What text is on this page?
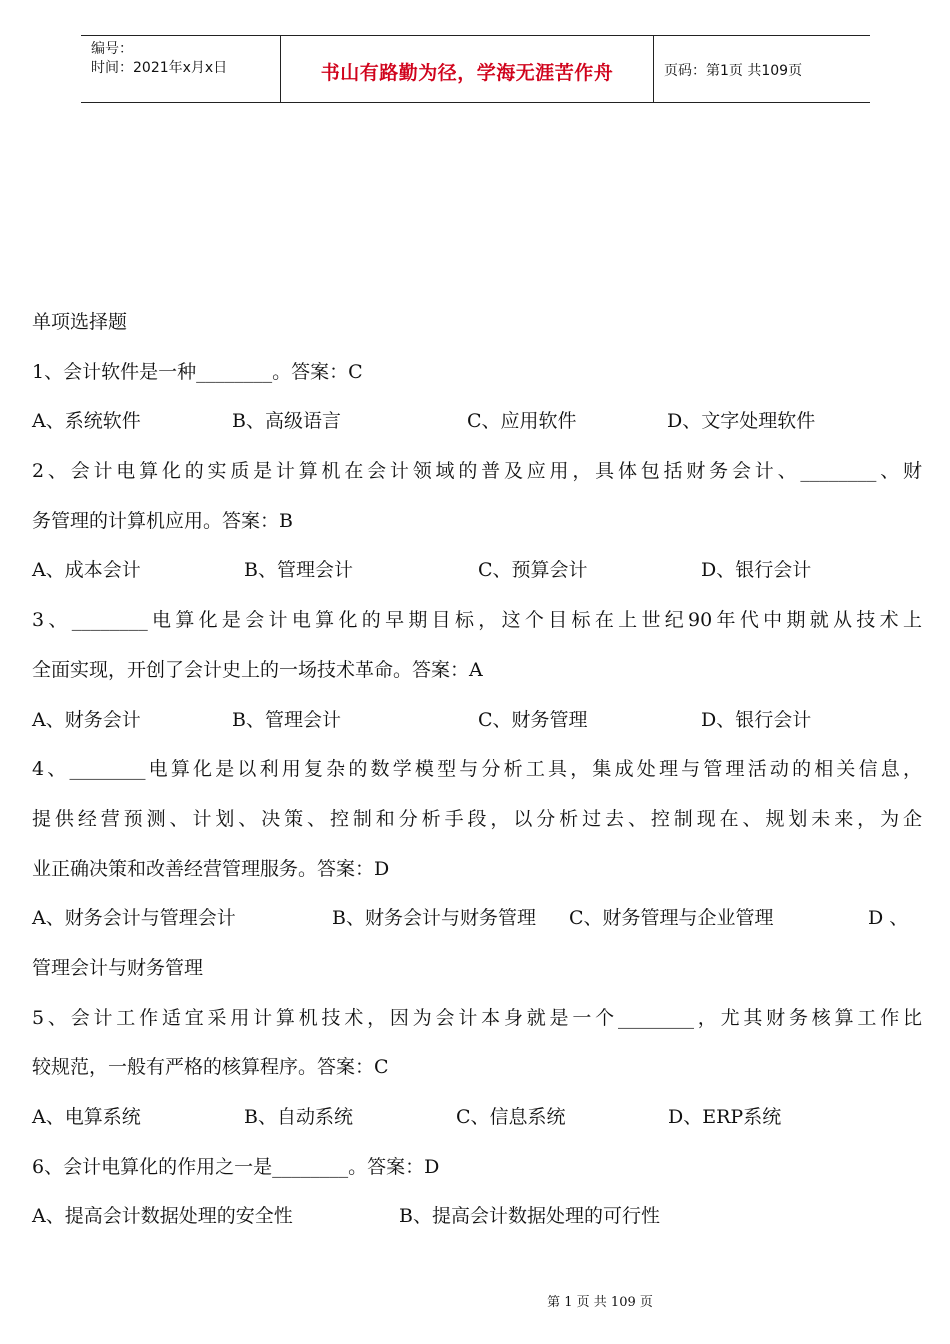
编号：
时间：2021年x月x日	书山有路勤为径，学海无涯苦作舟	页码：第1页 共109页
单项选择题
1、会计软件是一种________。答案：C
A、系统软件	B、高级语言	C、应用软件	D、文字处理软件
2、会计电算化的实质是计算机在会计领域的普及应用，具体包括财务会计、________、财
务管理的计算机应用。答案：B
A、成本会计	B、管理会计	C、预算会计	D、银行会计
3、________电算化是会计电算化的早期目标，这个目标在上世纪90年代中期就从技术上
全面实现，开创了会计史上的一场技术革命。答案：A
A、财务会计	B、管理会计	C、财务管理	D、银行会计
4、________电算化是以利用复杂的数学模型与分析工具，集成处理与管理活动的相关信息，
提供经营预测、计划、决策、控制和分析手段，以分析过去、控制现在、规划未来，为企
业正确决策和改善经营管理服务。答案：D
A、财务会计与管理会计	B、财务会计与财务管理 C、财务管理与企业管理	D 、
管理会计与财务管理
5、会计工作适宜采用计算机技术，因为会计本身就是一个________，尤其财务核算工作比
较规范，一般有严格的核算程序。答案：C
A、电算系统	B、自动系统	C、信息系统	D、ERP系统
6、会计电算化的作用之一是________。答案：D
A、提高会计数据处理的安全性	B、提高会计数据处理的可行性
第 1 页 共 109 页
